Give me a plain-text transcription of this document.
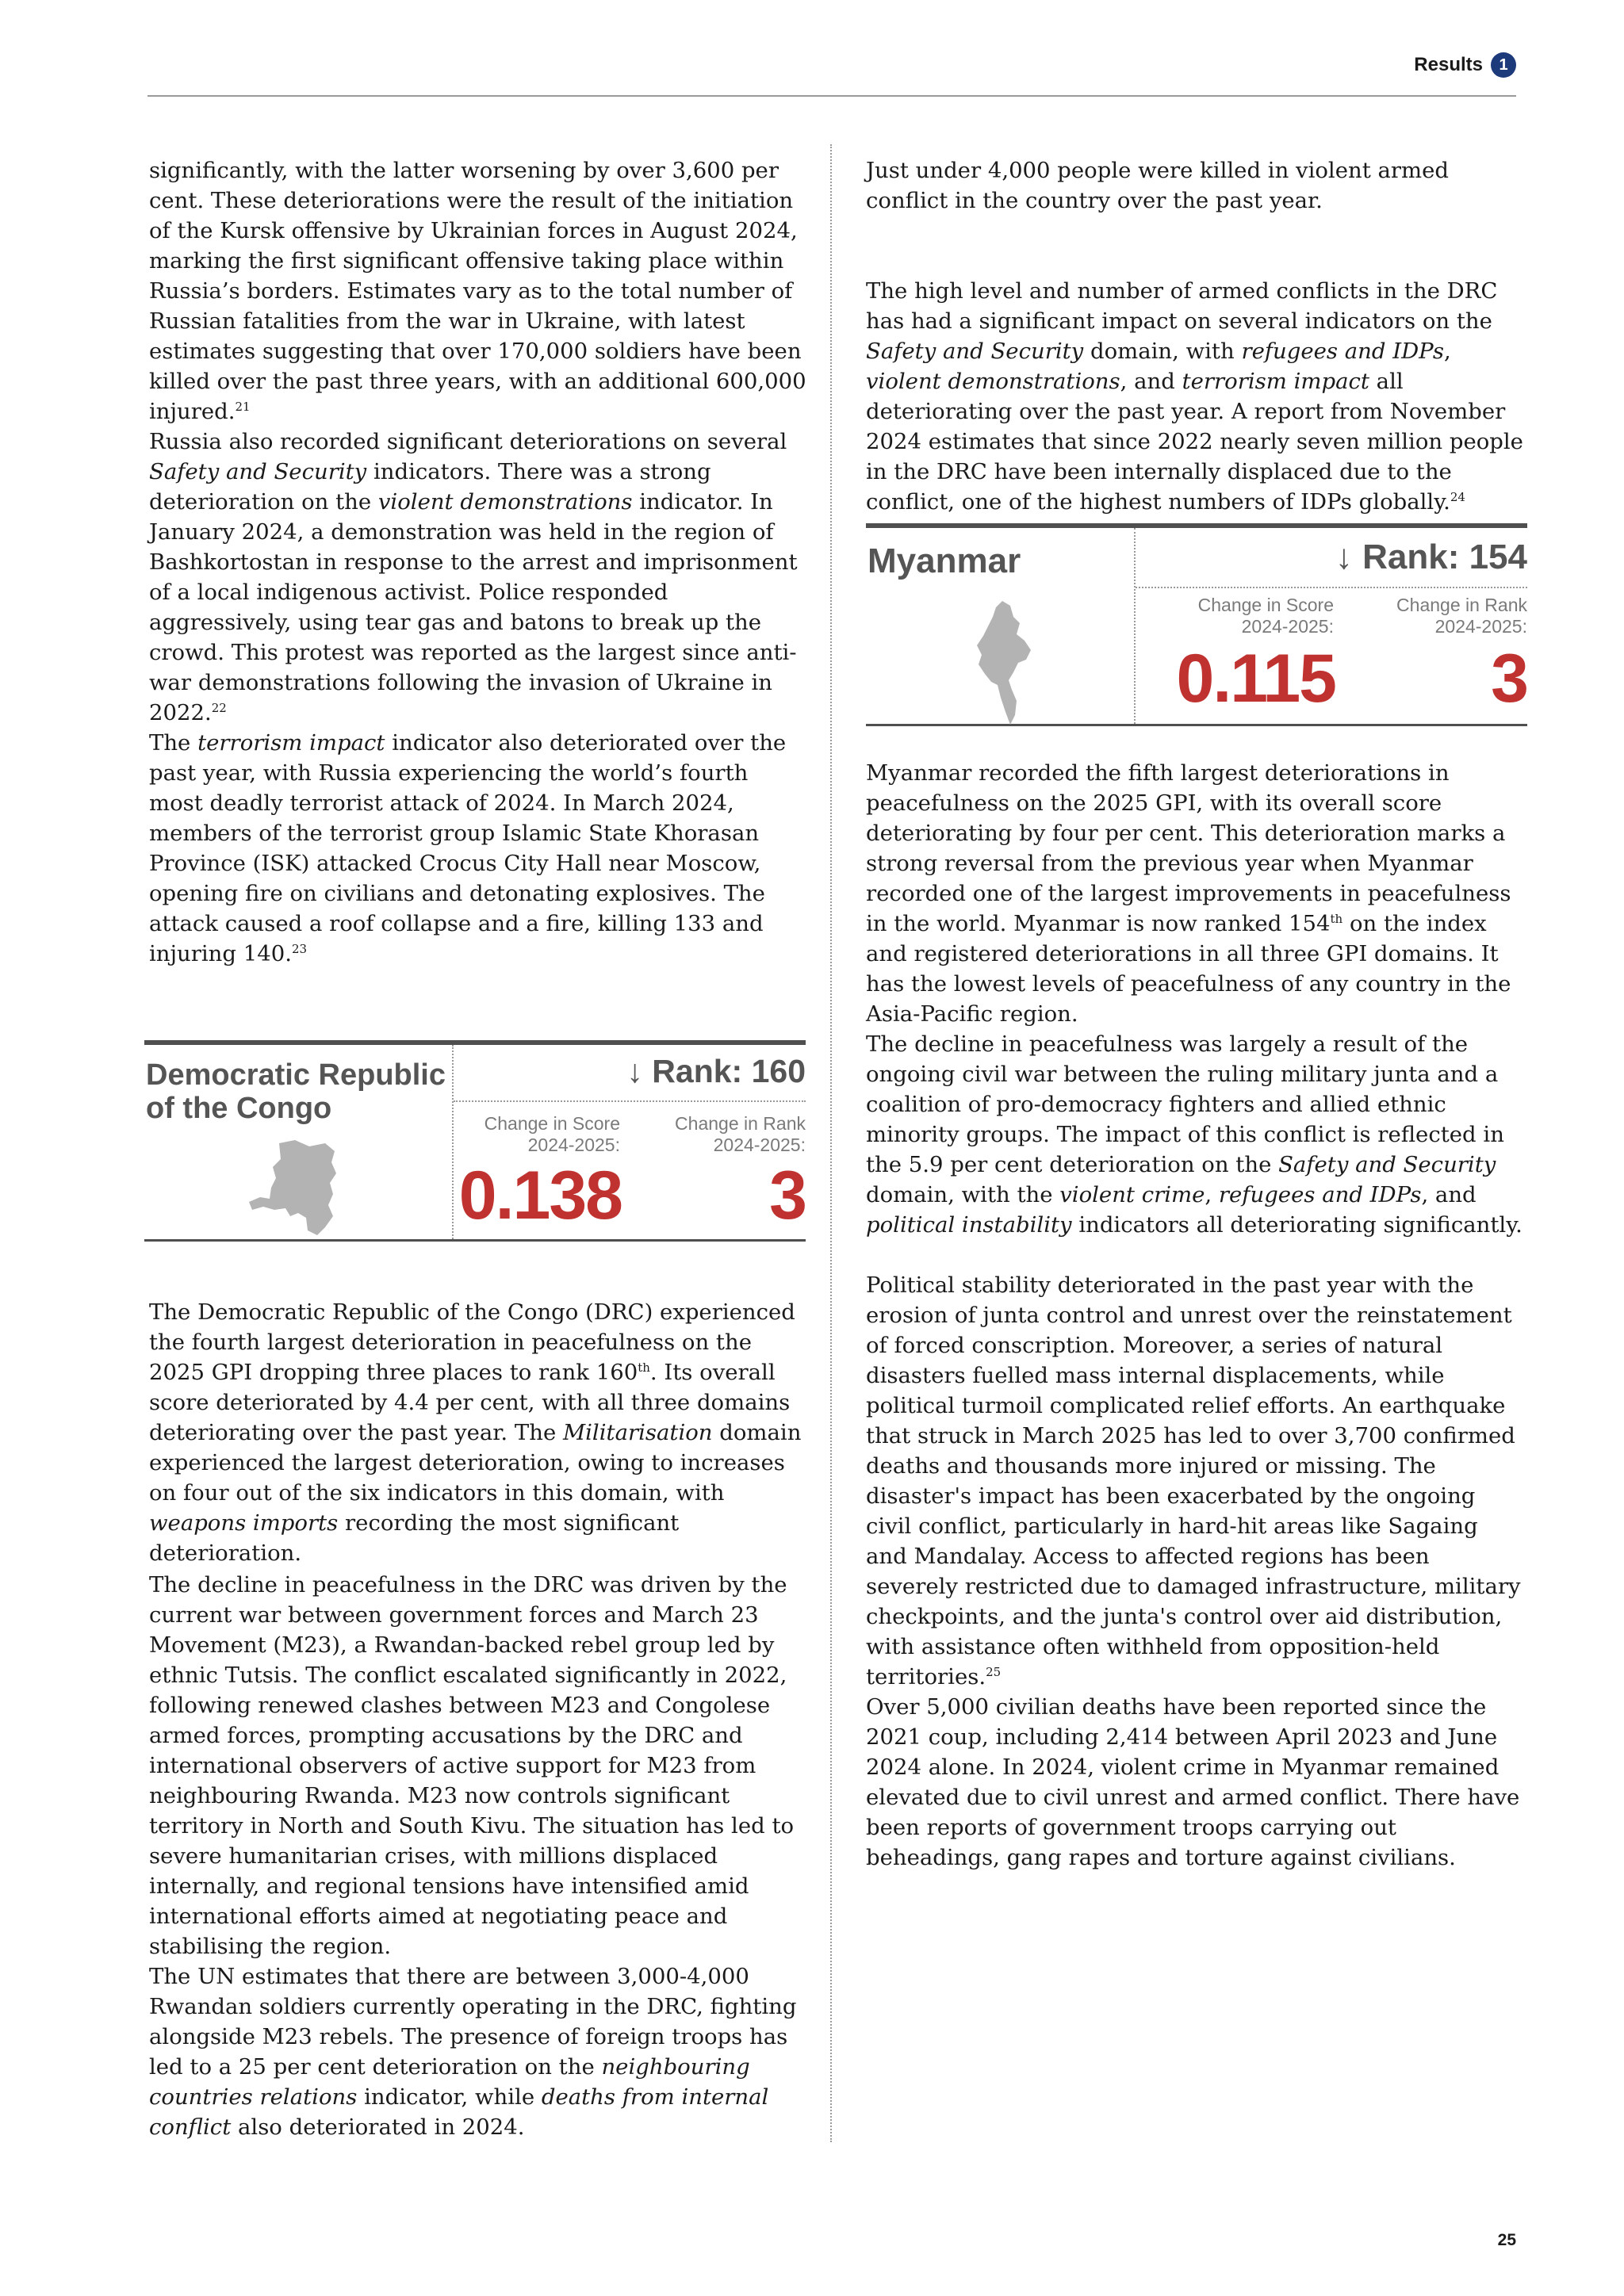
Results	1

significantly, with the latter worsening by over 3,600 per cent. These deteriorations were the result of the initiation of the Kursk offensive by Ukrainian forces in August 2024, marking the first significant offensive taking place within Russia’s borders. Estimates vary as to the total number of Russian fatalities from the war in Ukraine, with latest estimates suggesting that over 170,000 soldiers have been killed over the past three years, with an additional 600,000 injured.$^{21}$

Russia also recorded significant deteriorations on several Safety and Security indicators. There was a strong deterioration on the violent demonstrations indicator. In January 2024, a demonstration was held in the region of Bashkortostan in response to the arrest and imprisonment of a local indigenous activist. Police responded aggressively, using tear gas and batons to break up the crowd. This protest was reported as the largest since anti-war demonstrations following the invasion of Ukraine in 2022.22

The terrorism impact indicator also deteriorated over the past year, with Russia experiencing the world’s fourth most deadly terrorist attack of 2024. In March 2024, members of the terrorist group Islamic State Khorasan Province (ISK) attacked Crocus City Hall near Moscow, opening fire on civilians and detonating explosives. The attack caused a roof collapse and a fire, killing 133 and injuring 140.23

Democratic Republic of the Congo
↓ Rank: 160
Change in Score 2024-2025:
Change in Rank 2024-2025:
0.138	3

The Democratic Republic of the Congo (DRC) experienced the fourth largest deterioration in peacefulness on the 2025 GPI dropping three places to rank 160th. Its overall score deteriorated by 4.4 per cent, with all three domains deteriorating over the past year. The Militarisation domain experienced the largest deterioration, owing to increases on four out of the six indicators in this domain, with weapons imports recording the most significant deterioration.

The decline in peacefulness in the DRC was driven by the current war between government forces and March 23 Movement (M23), a Rwandan-backed rebel group led by ethnic Tutsis. The conflict escalated significantly in 2022, following renewed clashes between M23 and Congolese armed forces, prompting accusations by the DRC and international observers of active support for M23 from neighbouring Rwanda. M23 now controls significant territory in North and South Kivu. The situation has led to severe humanitarian crises, with millions displaced internally, and regional tensions have intensified amid international efforts aimed at negotiating peace and stabilising the region.

The UN estimates that there are between 3,000-4,000 Rwandan soldiers currently operating in the DRC, fighting alongside M23 rebels. The presence of foreign troops has led to a 25 per cent deterioration on the neighbouring countries relations indicator, while deaths from internal conflict also deteriorated in 2024.

Just under 4,000 people were killed in violent armed conflict in the country over the past year.

The high level and number of armed conflicts in the DRC has had a significant impact on several indicators on the Safety and Security domain, with refugees and IDPs, violent demonstrations, and terrorism impact all deteriorating over the past year. A report from November 2024 estimates that since 2022 nearly seven million people in the DRC have been internally displaced due to the conflict, one of the highest numbers of IDPs globally.$^{24}$

Myanmar	↓ Rank: 154
Change in Score 2024-2025:
Change in Rank 2024-2025:
0.115	3

Myanmar recorded the fifth largest deteriorations in peacefulness on the 2025 GPI, with its overall score deteriorating by four per cent. This deterioration marks a strong reversal from the previous year when Myanmar recorded one of the largest improvements in peacefulness in the world. Myanmar is now ranked 154th on the index and registered deteriorations in all three GPI domains. It has the lowest levels of peacefulness of any country in the Asia-Pacific region.

The decline in peacefulness was largely a result of the ongoing civil war between the ruling military junta and a coalition of pro-democracy fighters and allied ethnic minority groups. The impact of this conflict is reflected in the 5.9 per cent deterioration on the Safety and Security domain, with the violent crime, refugees and IDPs, and political instability indicators all deteriorating significantly.

Political stability deteriorated in the past year with the erosion of junta control and unrest over the reinstatement of forced conscription. Moreover, a series of natural disasters fuelled mass internal displacements, while political turmoil complicated relief efforts. An earthquake that struck in March 2025 has led to over 3,700 confirmed deaths and thousands more injured or missing. The disaster's impact has been exacerbated by the ongoing civil conflict, particularly in hard-hit areas like Sagaing and Mandalay. Access to affected regions has been severely restricted due to damaged infrastructure, military checkpoints, and the junta's control over aid distribution, with assistance often withheld from opposition-held territories.$^{25}$

Over 5,000 civilian deaths have been reported since the 2021 coup, including 2,414 between April 2023 and June 2024 alone. In 2024, violent crime in Myanmar remained elevated due to civil unrest and armed conflict. There have been reports of government troops carrying out beheadings, gang rapes and torture against civilians.

25
